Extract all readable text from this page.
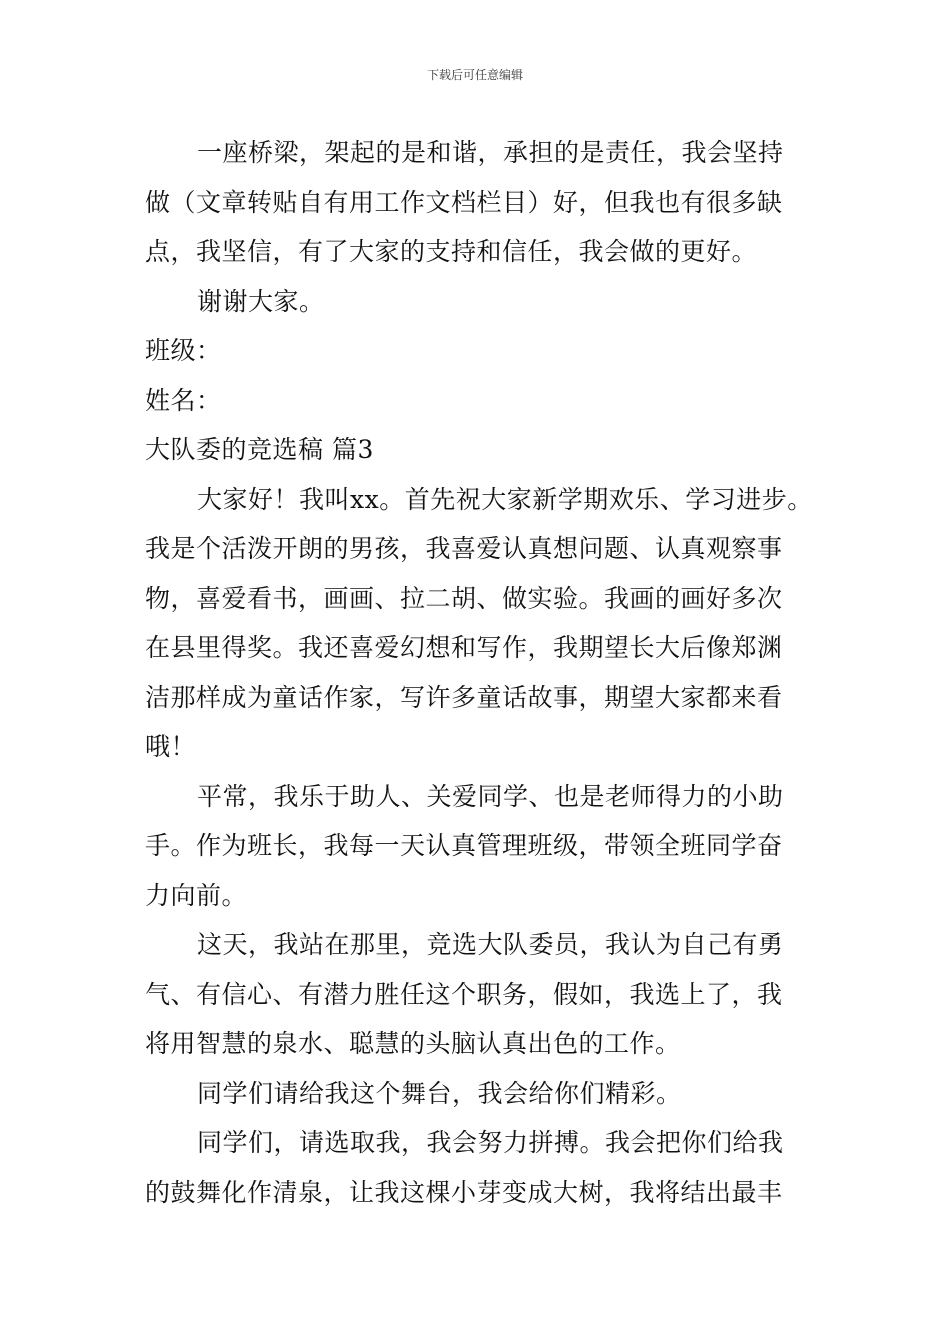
下载后可任意编辑
一座桥梁，架起的是和谐，承担的是责任，我会坚持
做（文章转贴自有用工作文档栏目）好，但我也有很多缺
点，我坚信，有了大家的支持和信任，我会做的更好。
谢谢大家。
班级：
姓名：
大队委的竞选稿 篇3
大家好！我叫xx。首先祝大家新学期欢乐、学习进步。
我是个活泼开朗的男孩，我喜爱认真想问题、认真观察事
物，喜爱看书，画画、拉二胡、做实验。我画的画好多次
在县里得奖。我还喜爱幻想和写作，我期望长大后像郑渊
洁那样成为童话作家，写许多童话故事，期望大家都来看
哦！
平常，我乐于助人、关爱同学、也是老师得力的小助
手。作为班长，我每一天认真管理班级，带领全班同学奋
力向前。
这天，我站在那里，竞选大队委员，我认为自己有勇
气、有信心、有潜力胜任这个职务，假如，我选上了，我
将用智慧的泉水、聪慧的头脑认真出色的工作。
同学们请给我这个舞台，我会给你们精彩。
同学们，请选取我，我会努力拼搏。我会把你们给我
的鼓舞化作清泉，让我这棵小芽变成大树，我将结出最丰
